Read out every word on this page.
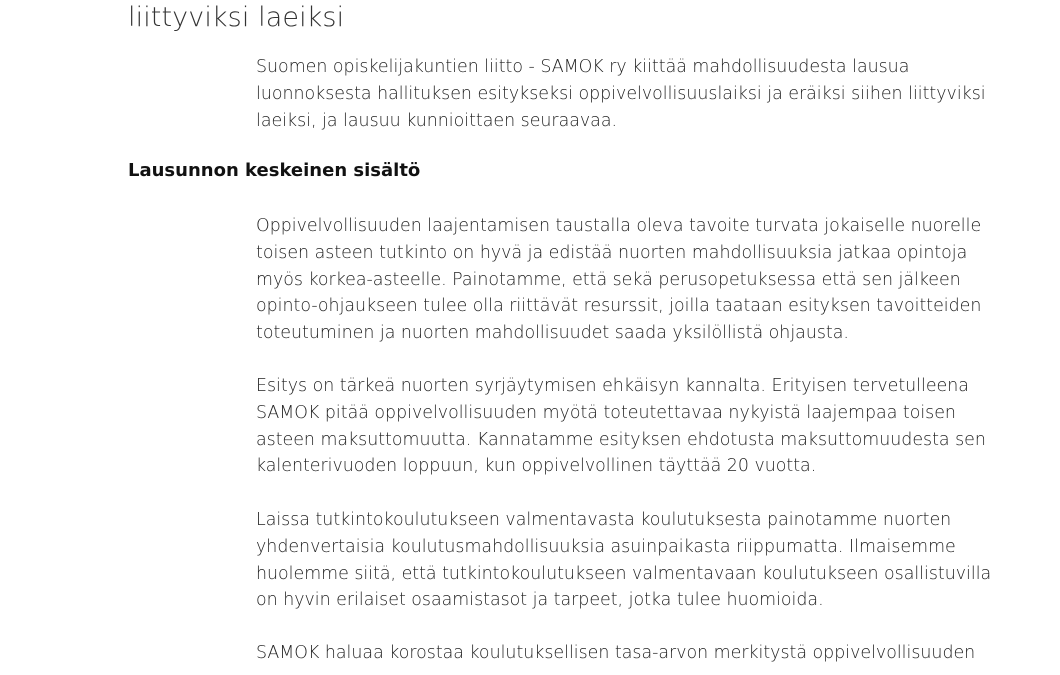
liittyviksi laeiksi

Suomen opiskelijakuntien liitto - SAMOK ry kiittää mahdollisuudesta lausua
luonnoksesta hallituksen esitykseksi oppivelvollisuuslaiksi ja eräiksi siihen liittyviksi
laeiksi, ja lausuu kunnioittaen seuraavaa.

Lausunnon keskeinen sisältö

Oppivelvollisuuden laajentamisen taustalla oleva tavoite turvata jokaiselle nuorelle
toisen asteen tutkinto on hyvä ja edistää nuorten mahdollisuuksia jatkaa opintoja
myös korkea-asteelle. Painotamme, että sekä perusopetuksessa että sen jälkeen
opinto-ohjaukseen tulee olla riittävät resurssit, joilla taataan esityksen tavoitteiden
toteutuminen ja nuorten mahdollisuudet saada yksilöllistä ohjausta.

Esitys on tärkeä nuorten syrjäytymisen ehkäisyn kannalta. Erityisen tervetulleena
SAMOK pitää oppivelvollisuuden myötä toteutettavaa nykyistä laajempaa toisen
asteen maksuttomuutta. Kannatamme esityksen ehdotusta maksuttomuudesta sen
kalenterivuoden loppuun, kun oppivelvollinen täyttää 20 vuotta.

Laissa tutkintokoulutukseen valmentavasta koulutuksesta painotamme nuorten
yhdenvertaisia koulutusmahdollisuuksia asuinpaikasta riippumatta. Ilmaisemme
huolemme siitä, että tutkintokoulutukseen valmentavaan koulutukseen osallistuvilla
on hyvin erilaiset osaamistasot ja tarpeet, jotka tulee huomioida.

SAMOK haluaa korostaa koulutuksellisen tasa-arvon merkitystä oppivelvollisuuden
